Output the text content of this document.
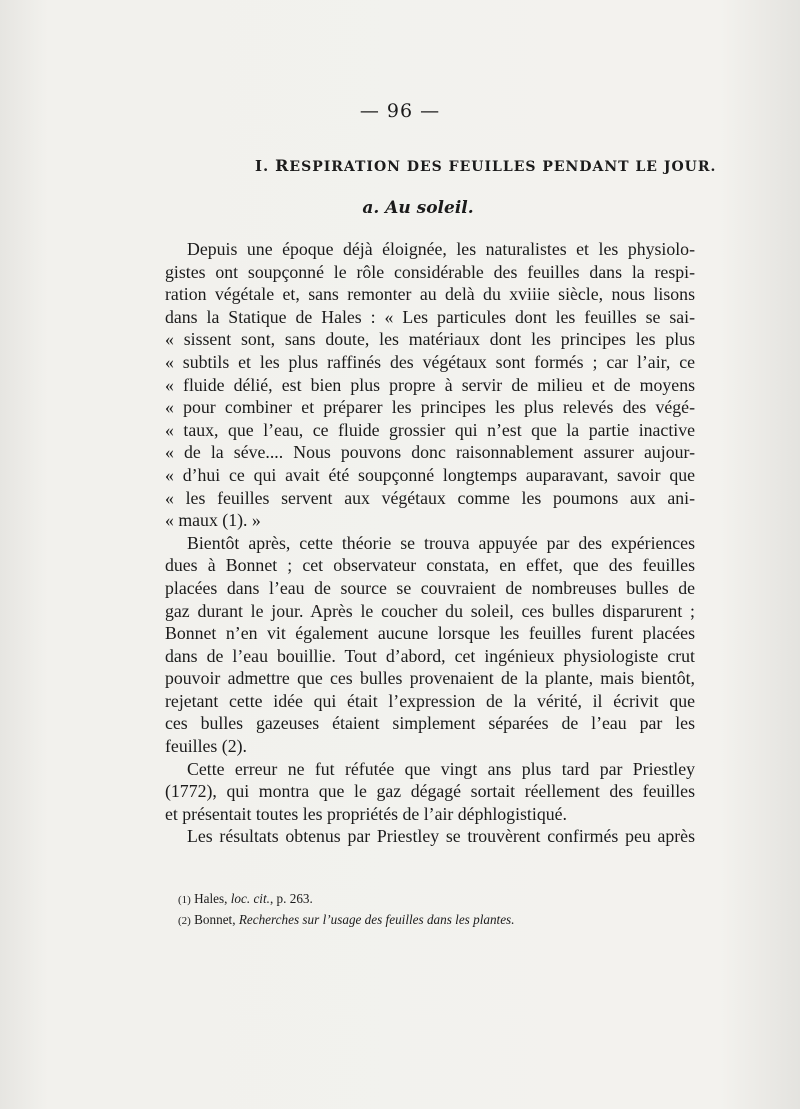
— 96 —
I. RESPIRATION DES FEUILLES PENDANT LE JOUR.
a. Au soleil.
Depuis une époque déjà éloignée, les naturalistes et les physiolo-
gistes ont soupçonné le rôle considérable des feuilles dans la respi-
ration végétale et, sans remonter au delà du xviiie siècle, nous lisons
dans la Statique de Hales : « Les particules dont les feuilles se sai-
« sissent sont, sans doute, les matériaux dont les principes les plus
« subtils et les plus raffinés des végétaux sont formés ; car l’air, ce
« fluide délié, est bien plus propre à servir de milieu et de moyens
« pour combiner et préparer les principes les plus relevés des végé-
« taux, que l’eau, ce fluide grossier qui n’est que la partie inactive
« de la séve.... Nous pouvons donc raisonnablement assurer aujour-
« d’hui ce qui avait été soupçonné longtemps auparavant, savoir que
« les feuilles servent aux végétaux comme les poumons aux ani-
« maux (1). »
Bientôt après, cette théorie se trouva appuyée par des expériences
dues à Bonnet ; cet observateur constata, en effet, que des feuilles
placées dans l’eau de source se couvraient de nombreuses bulles de
gaz durant le jour. Après le coucher du soleil, ces bulles disparurent ;
Bonnet n’en vit également aucune lorsque les feuilles furent placées
dans de l’eau bouillie. Tout d’abord, cet ingénieux physiologiste crut
pouvoir admettre que ces bulles provenaient de la plante, mais bientôt,
rejetant cette idée qui était l’expression de la vérité, il écrivit que
ces bulles gazeuses étaient simplement séparées de l’eau par les
feuilles (2).
Cette erreur ne fut réfutée que vingt ans plus tard par Priestley
(1772), qui montra que le gaz dégagé sortait réellement des feuilles
et présentait toutes les propriétés de l’air déphlogistiqué.
Les résultats obtenus par Priestley se trouvèrent confirmés peu après
(1) Hales, loc. cit., p. 263.
(2) Bonnet, Recherches sur l’usage des feuilles dans les plantes.
